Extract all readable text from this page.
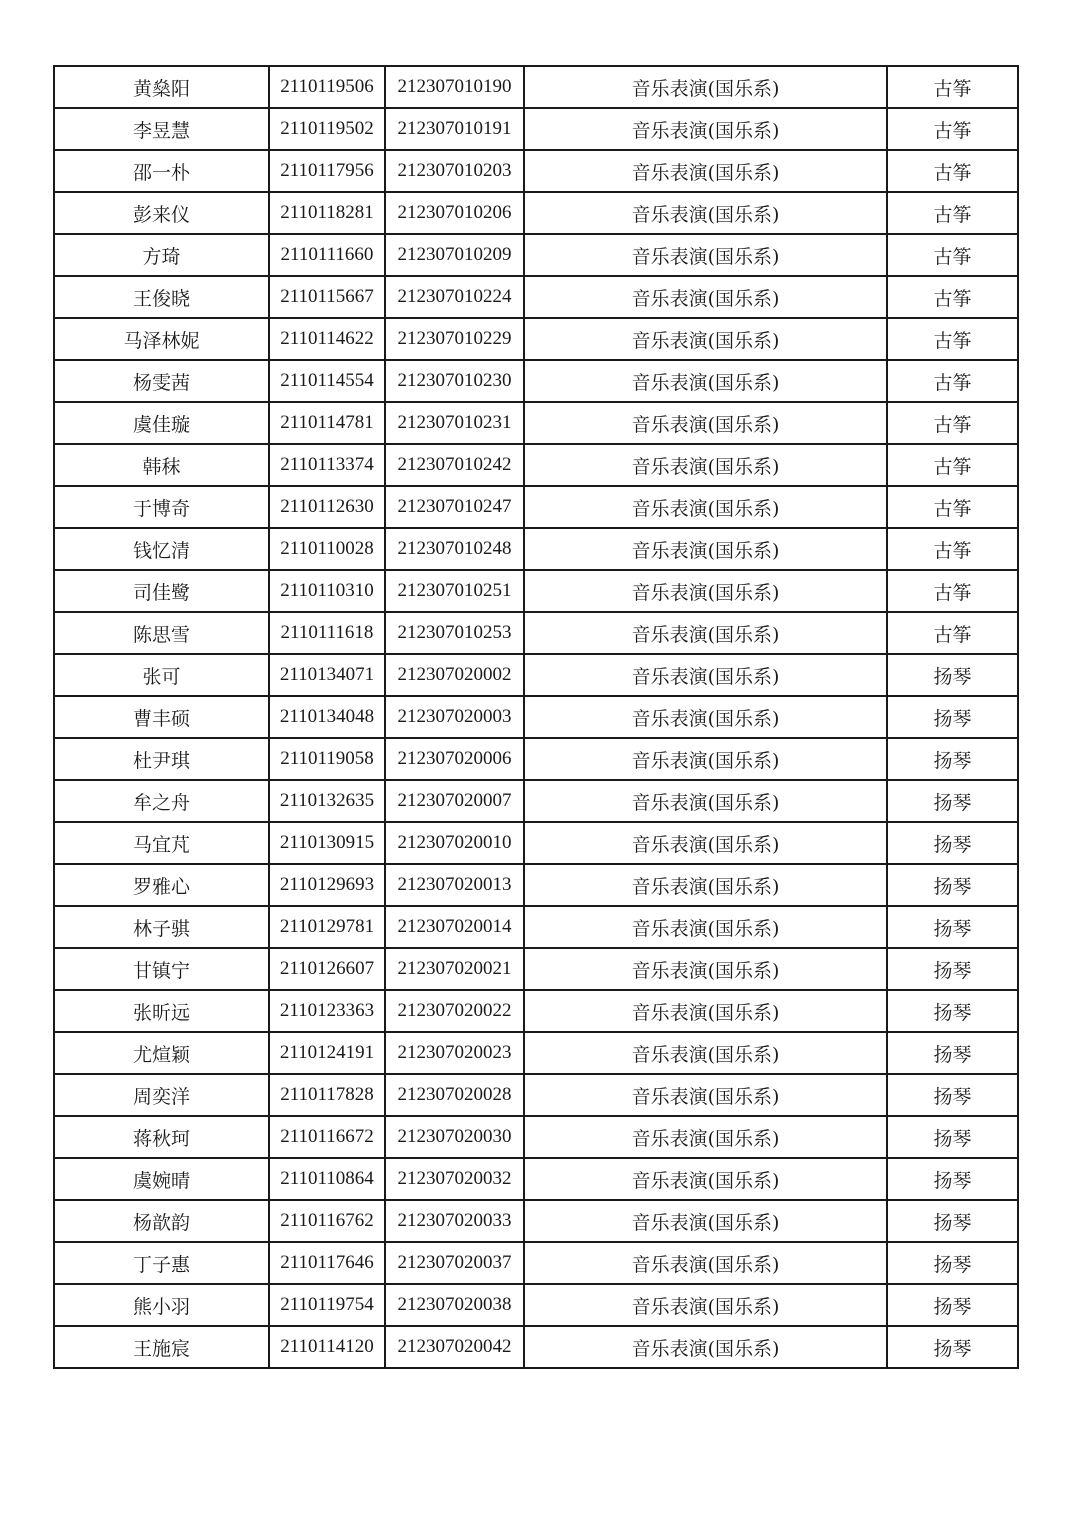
黄燊阳	2110119506	212307010190	音乐表演(国乐系)	古筝
李昱慧	2110119502	212307010191	音乐表演(国乐系)	古筝
邵一朴	2110117956	212307010203	音乐表演(国乐系)	古筝
彭来仪	2110118281	212307010206	音乐表演(国乐系)	古筝
方琦	2110111660	212307010209	音乐表演(国乐系)	古筝
王俊晓	2110115667	212307010224	音乐表演(国乐系)	古筝
马泽林妮	2110114622	212307010229	音乐表演(国乐系)	古筝
杨雯茜	2110114554	212307010230	音乐表演(国乐系)	古筝
虞佳璇	2110114781	212307010231	音乐表演(国乐系)	古筝
韩秣	2110113374	212307010242	音乐表演(国乐系)	古筝
于博奇	2110112630	212307010247	音乐表演(国乐系)	古筝
钱忆清	2110110028	212307010248	音乐表演(国乐系)	古筝
司佳鹭	2110110310	212307010251	音乐表演(国乐系)	古筝
陈思雪	2110111618	212307010253	音乐表演(国乐系)	古筝
张可	2110134071	212307020002	音乐表演(国乐系)	扬琴
曹丰硕	2110134048	212307020003	音乐表演(国乐系)	扬琴
杜尹琪	2110119058	212307020006	音乐表演(国乐系)	扬琴
牟之舟	2110132635	212307020007	音乐表演(国乐系)	扬琴
马宜芃	2110130915	212307020010	音乐表演(国乐系)	扬琴
罗雅心	2110129693	212307020013	音乐表演(国乐系)	扬琴
林子骐	2110129781	212307020014	音乐表演(国乐系)	扬琴
甘镇宁	2110126607	212307020021	音乐表演(国乐系)	扬琴
张昕远	2110123363	212307020022	音乐表演(国乐系)	扬琴
尤煊颖	2110124191	212307020023	音乐表演(国乐系)	扬琴
周奕洋	2110117828	212307020028	音乐表演(国乐系)	扬琴
蒋秋珂	2110116672	212307020030	音乐表演(国乐系)	扬琴
虞婉晴	2110110864	212307020032	音乐表演(国乐系)	扬琴
杨歆韵	2110116762	212307020033	音乐表演(国乐系)	扬琴
丁子惠	2110117646	212307020037	音乐表演(国乐系)	扬琴
熊小羽	2110119754	212307020038	音乐表演(国乐系)	扬琴
王施宸	2110114120	212307020042	音乐表演(国乐系)	扬琴
